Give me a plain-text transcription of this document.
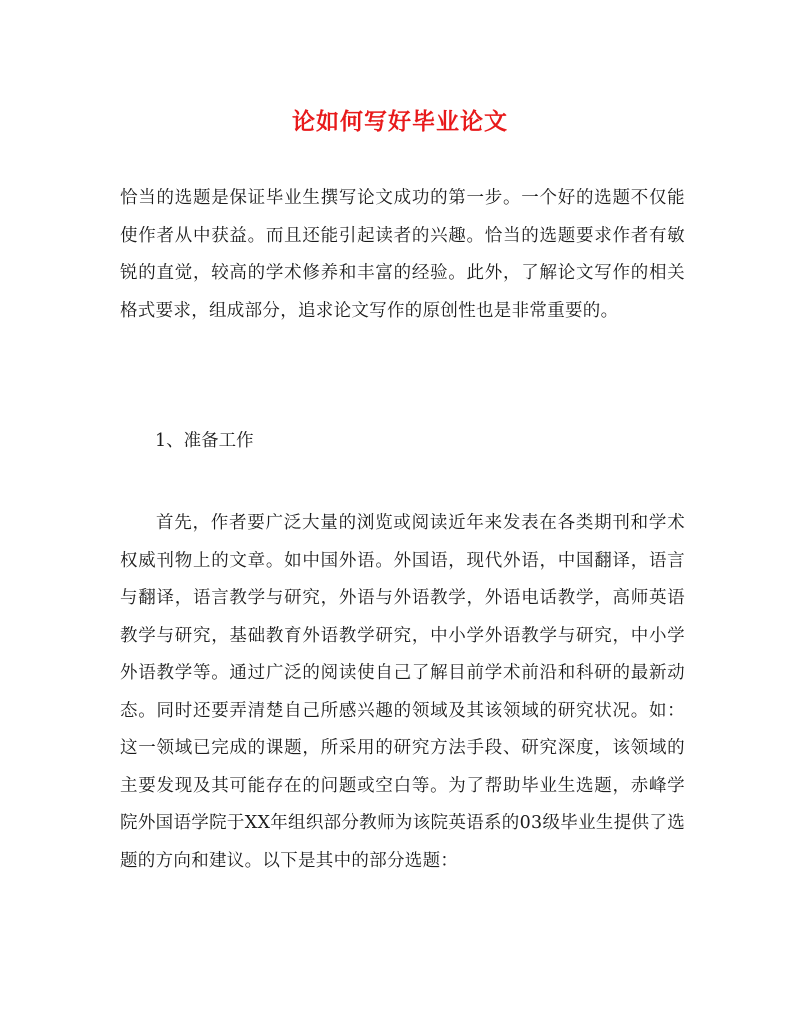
论如何写好毕业论文
恰当的选题是保证毕业生撰写论文成功的第一步。一个好的选题不仅能使作者从中获益。而且还能引起读者的兴趣。恰当的选题要求作者有敏锐的直觉，较高的学术修养和丰富的经验。此外，了解论文写作的相关格式要求，组成部分，追求论文写作的原创性也是非常重要的。
1、准备工作
首先，作者要广泛大量的浏览或阅读近年来发表在各类期刊和学术权威刊物上的文章。如中国外语。外国语，现代外语，中国翻译，语言与翻译，语言教学与研究，外语与外语教学，外语电话教学，高师英语教学与研究，基础教育外语教学研究，中小学外语教学与研究，中小学外语教学等。通过广泛的阅读使自己了解目前学术前沿和科研的最新动态。同时还要弄清楚自己所感兴趣的领域及其该领域的研究状况。如：这一领域已完成的课题，所采用的研究方法手段、研究深度，该领域的主要发现及其可能存在的问题或空白等。为了帮助毕业生选题，赤峰学院外国语学院于XX年组织部分教师为该院英语系的03级毕业生提供了选题的方向和建议。以下是其中的部分选题：
